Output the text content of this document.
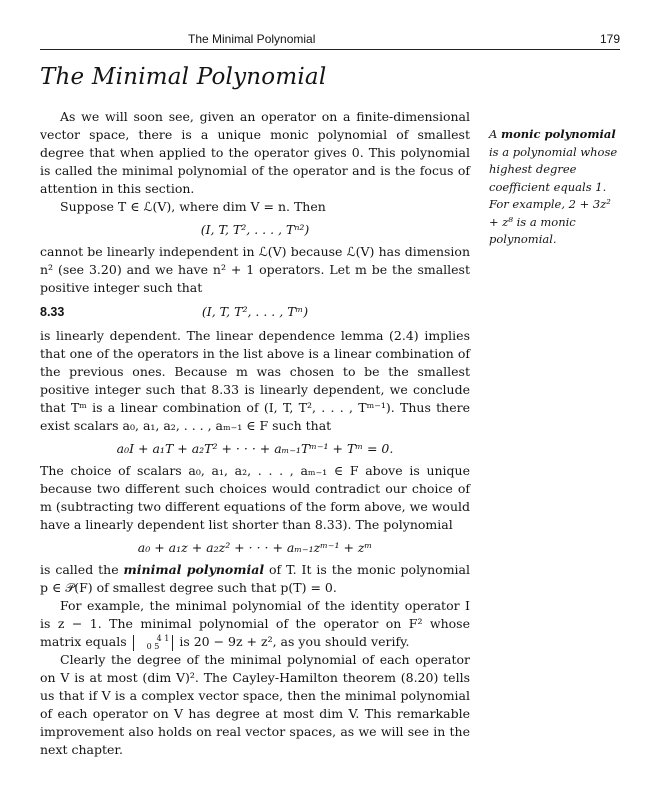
The Minimal Polynomial	179
The Minimal Polynomial

As we will soon see, given an operator on a finite-dimensional vector space, there is a unique monic polynomial of smallest degree that when applied to the operator gives 0. This polynomial is called the minimal polynomial of the operator and is the focus of attention in this section.

Suppose T ∈ ℒ(V), where dim V = n. Then

(I, T, T², . . . , Tⁿ²)

cannot be linearly independent in ℒ(V) because ℒ(V) has dimension n² (see 3.20) and we have n² + 1 operators. Let m be the smallest positive integer such that

8.33	(I, T, T², . . . , Tᵐ)

is linearly dependent. The linear dependence lemma (2.4) implies that one of the operators in the list above is a linear combination of the previous ones. Because m was chosen to be the smallest positive integer such that 8.33 is linearly dependent, we conclude that Tᵐ is a linear combination of (I, T, T², . . . , Tᵐ⁻¹). Thus there exist scalars a₀, a₁, a₂, . . . , aₘ₋₁ ∈ F such that

a₀I + a₁T + a₂T² + · · · + aₘ₋₁Tᵐ⁻¹ + Tᵐ = 0.

The choice of scalars a₀, a₁, a₂, . . . , aₘ₋₁ ∈ F above is unique because two different such choices would contradict our choice of m (subtracting two different equations of the form above, we would have a linearly dependent list shorter than 8.33). The polynomial

a₀ + a₁z + a₂z² + · · · + aₘ₋₁zᵐ⁻¹ + zᵐ

is called the minimal polynomial of T. It is the monic polynomial p ∈ 𝒫(F) of smallest degree such that p(T) = 0.

For example, the minimal polynomial of the identity operator I is z − 1. The minimal polynomial of the operator on F² whose matrix equals	4 1
0 5 is 20 − 9z + z², as you should verify.

Clearly the degree of the minimal polynomial of each operator on V is at most (dim V)². The Cayley-Hamilton theorem (8.20) tells us that if V is a complex vector space, then the minimal polynomial of each operator on V has degree at most dim V. This remarkable improvement also holds on real vector spaces, as we will see in the next chapter.

A monic polynomial is a polynomial whose highest degree coefficient equals 1. For example, 2 + 3z² + z⁸ is a monic polynomial.
